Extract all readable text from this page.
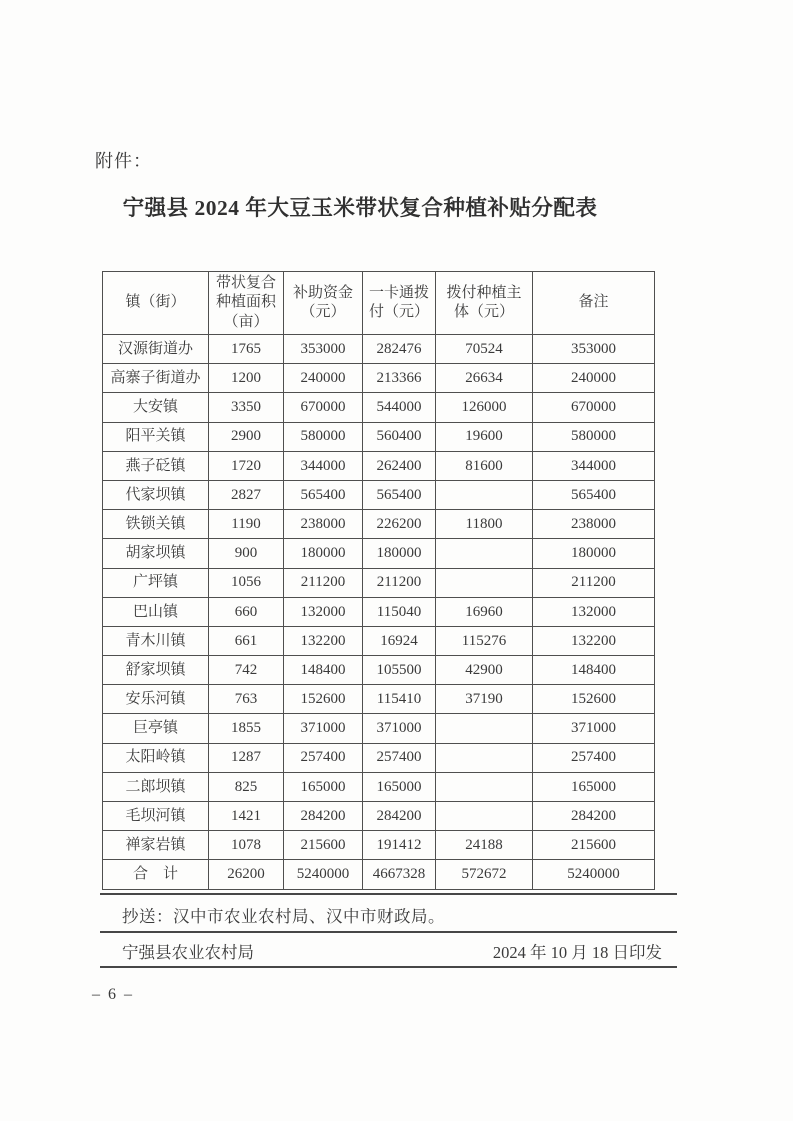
附件：
宁强县 2024 年大豆玉米带状复合种植补贴分配表
镇（街）	带状复合种植面积（亩）	补助资金（元）	一卡通拨付（元）	拨付种植主体（元）	备注
汉源街道办	1765	353000	282476	70524	353000
高寨子街道办	1200	240000	213366	26634	240000
大安镇	3350	670000	544000	126000	670000
阳平关镇	2900	580000	560400	19600	580000
燕子砭镇	1720	344000	262400	81600	344000
代家坝镇	2827	565400	565400		565400
铁锁关镇	1190	238000	226200	11800	238000
胡家坝镇	900	180000	180000		180000
广坪镇	1056	211200	211200		211200
巴山镇	660	132000	115040	16960	132000
青木川镇	661	132200	16924	115276	132200
舒家坝镇	742	148400	105500	42900	148400
安乐河镇	763	152600	115410	37190	152600
巨亭镇	1855	371000	371000		371000
太阳岭镇	1287	257400	257400		257400
二郎坝镇	825	165000	165000		165000
毛坝河镇	1421	284200	284200		284200
禅家岩镇	1078	215600	191412	24188	215600
合　计	26200	5240000	4667328	572672	5240000
抄送：汉中市农业农村局、汉中市财政局。
宁强县农业农村局	2024 年 10 月 18 日印发
– 6 –
